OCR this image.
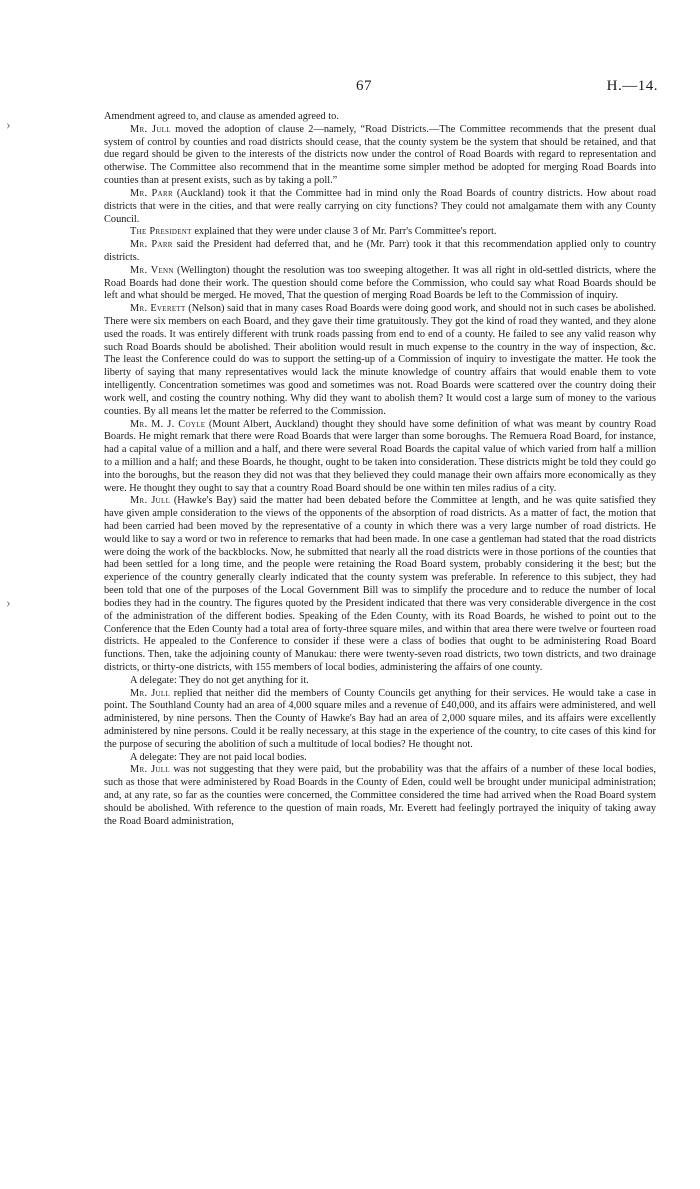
67	H.—14.
›
›

Amendment agreed to, and clause as amended agreed to.

Mr. Jull moved the adoption of clause 2—namely, “Road Districts.—The Committee recommends that the present dual system of control by counties and road districts should cease, that the county system be the system that should be retained, and that due regard should be given to the interests of the districts now under the control of Road Boards with regard to representation and otherwise. The Committee also recommend that in the meantime some simpler method be adopted for merging Road Boards into counties than at present exists, such as by taking a poll.”

Mr. Parr (Auckland) took it that the Committee had in mind only the Road Boards of country districts. How about road districts that were in the cities, and that were really carrying on city functions? They could not amalgamate them with any County Council.

The President explained that they were under clause 3 of Mr. Parr's Committee's report.

Mr. Parr said the President had deferred that, and he (Mr. Parr) took it that this recommendation applied only to country districts.

Mr. Venn (Wellington) thought the resolution was too sweeping altogether. It was all right in old-settled districts, where the Road Boards had done their work. The question should come before the Commission, who could say what Road Boards should be left and what should be merged. He moved, That the question of merging Road Boards be left to the Commission of inquiry.

Mr. Everett (Nelson) said that in many cases Road Boards were doing good work, and should not in such cases be abolished. There were six members on each Board, and they gave their time gratuitously. They got the kind of road they wanted, and they alone used the roads. It was entirely different with trunk roads passing from end to end of a county. He failed to see any valid reason why such Road Boards should be abolished. Their abolition would result in much expense to the country in the way of inspection, &c. The least the Conference could do was to support the setting-up of a Commission of inquiry to investigate the matter. He took the liberty of saying that many representatives would lack the minute knowledge of country affairs that would enable them to vote intelligently. Concentration sometimes was good and sometimes was not. Road Boards were scattered over the country doing their work well, and costing the country nothing. Why did they want to abolish them? It would cost a large sum of money to the various counties. By all means let the matter be referred to the Commission.

Mr. M. J. Coyle (Mount Albert, Auckland) thought they should have some definition of what was meant by country Road Boards. He might remark that there were Road Boards that were larger than some boroughs. The Remuera Road Board, for instance, had a capital value of a million and a half, and there were several Road Boards the capital value of which varied from half a million to a million and a half; and these Boards, he thought, ought to be taken into consideration. These districts might be told they could go into the boroughs, but the reason they did not was that they believed they could manage their own affairs more economically as they were. He thought they ought to say that a country Road Board should be one within ten miles radius of a city.

Mr. Jull (Hawke's Bay) said the matter had been debated before the Committee at length, and he was quite satisfied they have given ample consideration to the views of the opponents of the absorption of road districts. As a matter of fact, the motion that had been carried had been moved by the representative of a county in which there was a very large number of road districts. He would like to say a word or two in reference to remarks that had been made. In one case a gentleman had stated that the road districts were doing the work of the backblocks. Now, he submitted that nearly all the road districts were in those portions of the counties that had been settled for a long time, and the people were retaining the Road Board system, probably considering it the best; but the experience of the country generally clearly indicated that the county system was preferable. In reference to this subject, they had been told that one of the purposes of the Local Government Bill was to simplify the procedure and to reduce the number of local bodies they had in the country. The figures quoted by the President indicated that there was very considerable divergence in the cost of the administration of the different bodies. Speaking of the Eden County, with its Road Boards, he wished to point out to the Conference that the Eden County had a total area of forty-three square miles, and within that area there were twelve or fourteen road districts. He appealed to the Conference to consider if these were a class of bodies that ought to be administering Road Board functions. Then, take the adjoining county of Manukau: there were twenty-seven road districts, two town districts, and two drainage districts, or thirty-one districts, with 155 members of local bodies, administering the affairs of one county.

A delegate: They do not get anything for it.

Mr. Jull replied that neither did the members of County Councils get anything for their services. He would take a case in point. The Southland County had an area of 4,000 square miles and a revenue of £40,000, and its affairs were administered, and well administered, by nine persons. Then the County of Hawke's Bay had an area of 2,000 square miles, and its affairs were excellently administered by nine persons. Could it be really necessary, at this stage in the experience of the country, to cite cases of this kind for the purpose of securing the abolition of such a multitude of local bodies? He thought not.

A delegate: They are not paid local bodies.

Mr. Jull was not suggesting that they were paid, but the probability was that the affairs of a number of these local bodies, such as those that were administered by Road Boards in the County of Eden, could well be brought under municipal administration; and, at any rate, so far as the counties were concerned, the Committee considered the time had arrived when the Road Board system should be abolished. With reference to the question of main roads, Mr. Everett had feelingly portrayed the iniquity of taking away the Road Board administration,
